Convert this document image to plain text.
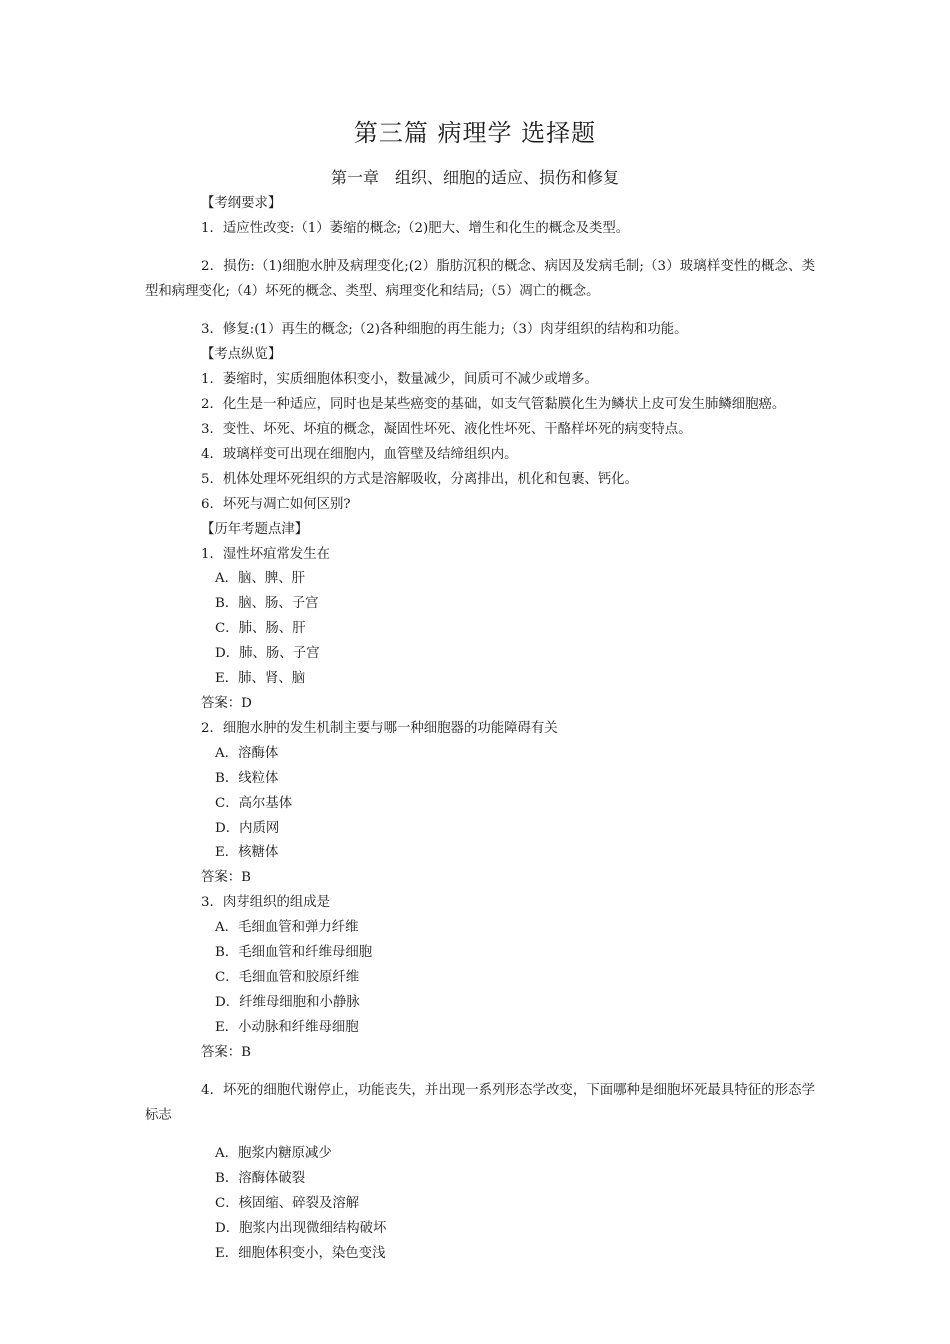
第三篇 病理学 选择题
第一章　组织、细胞的适应、损伤和修复

【考纲要求】

1．适应性改变:（1）萎缩的概念;（2)肥大、增生和化生的概念及类型。

2．损伤:（1)细胞水肿及病理变化;(2）脂肪沉积的概念、病因及发病毛制;（3）玻璃样变性的概念、类型和病理变化;（4）坏死的概念、类型、病理变化和结局;（5）凋亡的概念。

3．修复:(1）再生的概念;（2)各种细胞的再生能力;（3）肉芽组织的结构和功能。

【考点纵览】

1．萎缩时，实质细胞体积变小，数量减少，间质可不减少或增多。

2．化生是一种适应，同时也是某些癌变的基础，如支气管黏膜化生为鳞状上皮可发生肺鳞细胞癌。

3．变性、坏死、坏疽的概念，凝固性坏死、液化性坏死、干酪样坏死的病变特点。

4．玻璃样变可出现在细胞内，血管壁及结缔组织内。

5．机体处理坏死组织的方式是溶解吸收，分离排出，机化和包裹、钙化。

6．坏死与凋亡如何区别?

【历年考题点津】

1．湿性坏疽常发生在

A．脑、脾、肝

B．脑、肠、子宫

C．肺、肠、肝

D．肺、肠、子宫

E．肺、肾、脑

答案：D

2．细胞水肿的发生机制主要与哪一种细胞器的功能障碍有关

A．溶酶体

B．线粒体

C．高尔基体

D．内质网

E．核糖体

答案：B

3．肉芽组织的组成是

A．毛细血管和弹力纤维

B．毛细血管和纤维母细胞

C．毛细血管和胶原纤维

D．纤维母细胞和小静脉

E．小动脉和纤维母细胞

答案：B

4．坏死的细胞代谢停止，功能丧失，并出现一系列形态学改变，下面哪种是细胞坏死最具特征的形态学标志

A．胞浆内糖原减少

B．溶酶体破裂

C．核固缩、碎裂及溶解

D．胞浆内出现微细结构破坏

E．细胞体积变小，染色变浅
